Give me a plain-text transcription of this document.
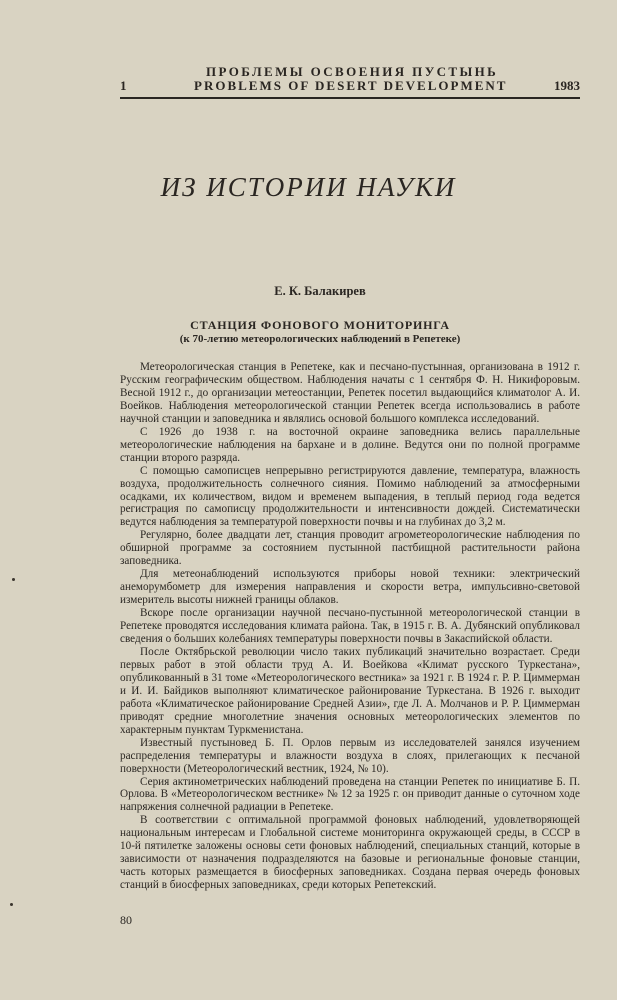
1
ПРОБЛЕМЫ ОСВОЕНИЯ ПУСТЫНЬ
PROBLEMS OF DESERT DEVELOPMENT	1983
ИЗ ИСТОРИИ НАУКИ
Е. К. Балакирев
СТАНЦИЯ ФОНОВОГО МОНИТОРИНГА
(к 70-летию метеорологических наблюдений в Репетеке)

Метеорологическая станция в Репетеке, как и песчано-пустынная, организована в 1912 г. Русским географическим обществом. Наблюдения начаты с 1 сентября Ф. Н. Никифоровым. Весной 1912 г., до организации метеостанции, Репетек посетил выдающийся климатолог А. И. Воейков. Наблюдения метеорологической станции Репетек всегда использовались в работе научной станции и заповедника и являлись основой большого комплекса исследований.

С 1926 до 1938 г. на восточной окраине заповедника велись параллельные метеорологические наблюдения на бархане и в долине. Ведутся они по полной программе станции второго разряда.

С помощью самописцев непрерывно регистрируются давление, температура, влажность воздуха, продолжительность солнечного сияния. Помимо наблюдений за атмосферными осадками, их количеством, видом и временем выпадения, в теплый период года ведется регистрация по самописцу продолжительности и интенсивности дождей. Систематически ведутся наблюдения за температурой поверхности почвы и на глубинах до 3,2 м.

Регулярно, более двадцати лет, станция проводит агрометеорологические наблюдения по обширной программе за состоянием пустынной пастбищной растительности района заповедника.

Для метеонаблюдений используются приборы новой техники: электрический анеморумбометр для измерения направления и скорости ветра, импульсивно-световой измеритель высоты нижней границы облаков.

Вскоре после организации научной песчано-пустынной метеорологической станции в Репетеке проводятся исследования климата района. Так, в 1915 г. В. А. Дубянский опубликовал сведения о больших колебаниях температуры поверхности почвы в Закаспийской области.

После Октябрьской революции число таких публикаций значительно возрастает. Среди первых работ в этой области труд А. И. Воейкова «Климат русского Туркестана», опубликованный в 31 томе «Метеорологического вестника» за 1921 г. В 1924 г. Р. Р. Циммерман и И. И. Байдиков выполняют климатическое районирование Туркестана. В 1926 г. выходит работа «Климатическое районирование Средней Азии», где Л. А. Молчанов и Р. Р. Циммерман приводят средние многолетние значения основных метеорологических элементов по характерным пунктам Туркменистана.

Известный пустыновед Б. П. Орлов первым из исследователей занялся изучением распределения температуры и влажности воздуха в слоях, прилегающих к песчаной поверхности (Метеорологический вестник, 1924, № 10).

Серия актинометрических наблюдений проведена на станции Репетек по инициативе Б. П. Орлова. В «Метеорологическом вестнике» № 12 за 1925 г. он приводит данные о суточном ходе напряжения солнечной радиации в Репетеке.

В соответствии с оптимальной программой фоновых наблюдений, удовлетворяющей национальным интересам и Глобальной системе мониторинга окружающей среды, в СССР в 10-й пятилетке заложены основы сети фоновых наблюдений, специальных станций, которые в зависимости от назначения подразделяются на базовые и региональные фоновые станции, часть которых размещается в биосферных заповедниках. Создана первая очередь фоновых станций в биосферных заповедниках, среди которых Репетекский.

80
